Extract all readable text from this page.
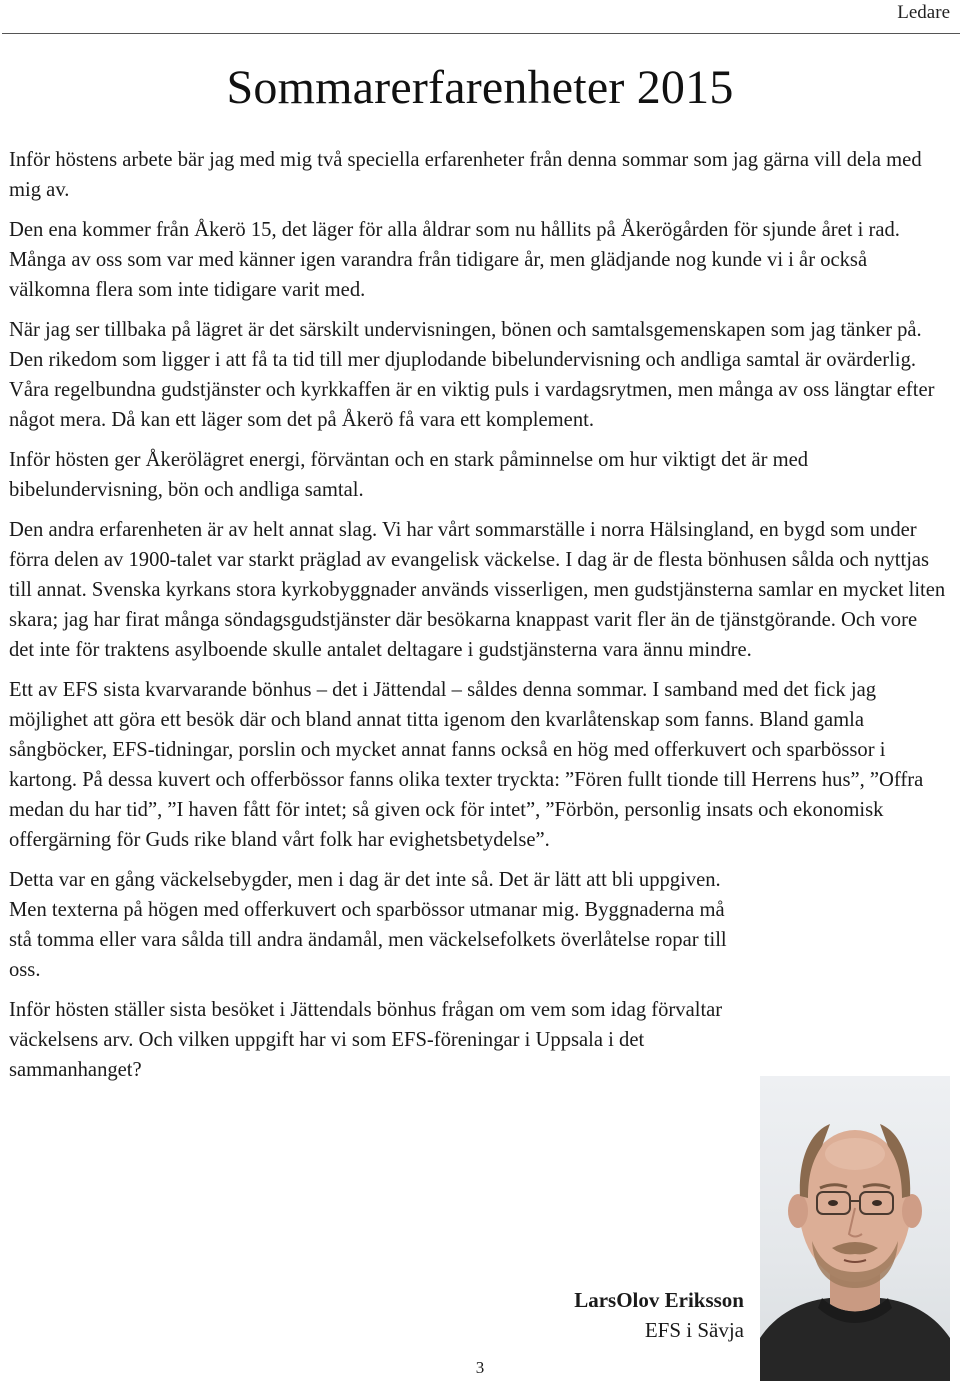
Ledare
Sommarerfarenheter 2015

Inför höstens arbete bär jag med mig två speciella erfarenheter från denna sommar som jag gärna vill dela med mig av.

Den ena kommer från Åkerö 15, det läger för alla åldrar som nu hållits på Åkerögården för sjunde året i rad. Många av oss som var med känner igen varandra från tidigare år, men glädjande nog kunde vi i år också välkomna flera som inte tidigare varit med.

När jag ser tillbaka på lägret är det särskilt undervisningen, bönen och samtalsgemenskapen som jag tänker på. Den rikedom som ligger i att få ta tid till mer djuplodande bibelundervisning och andliga samtal är ovärderlig. Våra regelbundna gudstjänster och kyrkkaffen är en viktig puls i vardagsrytmen, men många av oss längtar efter något mera. Då kan ett läger som det på Åkerö få vara ett komplement.

Inför hösten ger Åkerölägret energi, förväntan och en stark påminnelse om hur viktigt det är med bibelundervisning, bön och andliga samtal.

Den andra erfarenheten är av helt annat slag. Vi har vårt sommarställe i norra Hälsingland, en bygd som under förra delen av 1900-talet var starkt präglad av evangelisk väckelse. I dag är de flesta bönhusen sålda och nyttjas till annat. Svenska kyrkans stora kyrkobyggnader används visserligen, men gudstjänsterna samlar en mycket liten skara; jag har firat många söndagsgudstjänster där besökarna knappast varit fler än de tjänstgörande. Och vore det inte för traktens asylboende skulle antalet deltagare i gudstjänsterna vara ännu mindre.

Ett av EFS sista kvarvarande bönhus – det i Jättendal – såldes denna sommar. I samband med det fick jag möjlighet att göra ett besök där och bland annat titta igenom den kvarlåtenskap som fanns. Bland gamla sångböcker, EFS-tidningar, porslin och mycket annat fanns också en hög med offerkuvert och sparbössor i kartong. På dessa kuvert och offerbössor fanns olika texter tryckta: ”Fören fullt tionde till Herrens hus”, ”Offra medan du har tid”, ”I haven fått för intet; så given ock för intet”, ”Förbön, personlig insats och ekonomisk offergärning för Guds rike bland vårt folk har evighetsbetydelse”.

Detta var en gång väckelsebygder, men i dag är det inte så. Det är lätt att bli uppgiven.

Men texterna på högen med offerkuvert och sparbössor utmanar mig. Byggnaderna må stå tomma eller vara sålda till andra ändamål, men väckelsefolkets överlåtelse ropar till oss.

Inför hösten ställer sista besöket i Jättendals bönhus frågan om vem som idag förvaltar väckelsens arv. Och vilken uppgift har vi som EFS-föreningar i Uppsala i det sammanhanget?

LarsOlov Eriksson
EFS i Sävja
3
